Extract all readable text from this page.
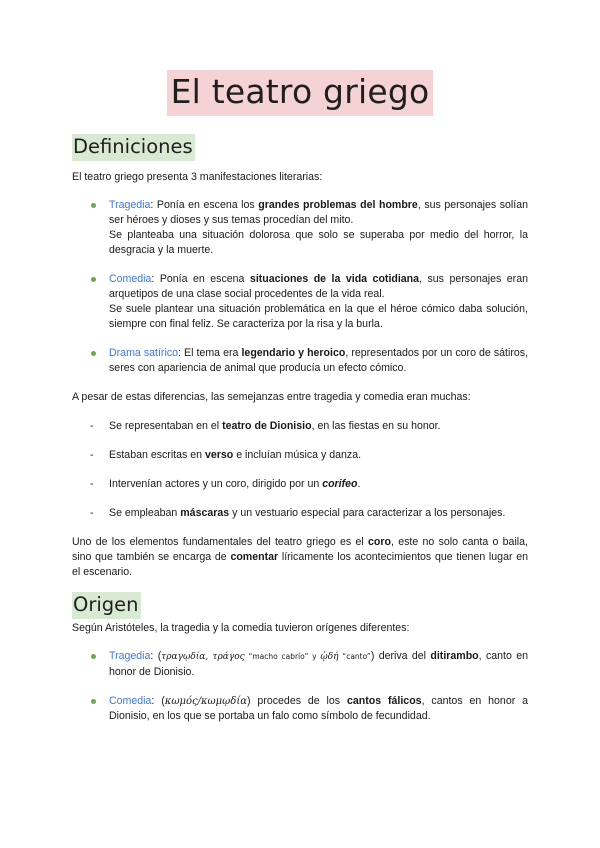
El teatro griego
Definiciones

El teatro griego presenta 3 manifestaciones literarias:

Tragedia: Ponía en escena los grandes problemas del hombre, sus personajes solían ser héroes y dioses y sus temas procedían del mito.
Se planteaba una situación dolorosa que solo se superaba por medio del horror, la desgracia y la muerte.
Comedia: Ponía en escena situaciones de la vida cotidiana, sus personajes eran arquetipos de una clase social procedentes de la vida real.
Se suele plantear una situación problemática en la que el héroe cómico daba solución, siempre con final feliz. Se caracteriza por la risa y la burla.
Drama satírico: El tema era legendario y heroico, representados por un coro de sátiros, seres con apariencia de animal que producía un efecto cómico.

A pesar de estas diferencias, las semejanzas entre tragedia y comedia eran muchas:

- Se representaban en el teatro de Dionisio, en las fiestas en su honor.
- Estaban escritas en verso e incluían música y danza.
- Intervenían actores y un coro, dirigido por un corifeo.
- Se empleaban máscaras y un vestuario especial para caracterizar a los personajes.

Uno de los elementos fundamentales del teatro griego es el coro, este no solo canta o baila, sino que también se encarga de comentar líricamente los acontecimientos que tienen lugar en el escenario.

Origen

Según Aristóteles, la tragedia y la comedia tuvieron orígenes diferentes:

Tragedia: (τραγῳδία, τράγος “macho cabrío” y ᾠδή “canto”) deriva del ditirambo, canto en honor de Dionisio.
Comedia: (κωμός/κωμῳδία) procedes de los cantos fálicos, cantos en honor a Dionisio, en los que se portaba un falo como símbolo de fecundidad.
